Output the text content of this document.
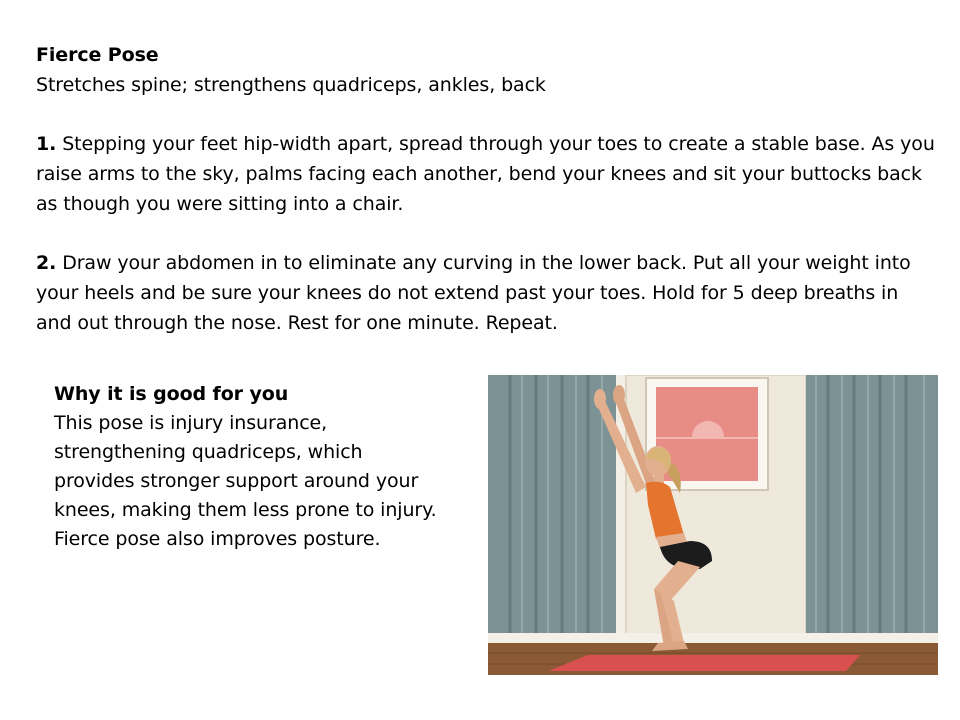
Fierce Pose

Stretches spine; strengthens quadriceps, ankles, back

1. Stepping your feet hip-width apart, spread through your toes to create a stable base. As you raise arms to the sky, palms facing each another, bend your knees and sit your buttocks back as though you were sitting into a chair.

2. Draw your abdomen in to eliminate any curving in the lower back. Put all your weight into your heels and be sure your knees do not extend past your toes. Hold for 5 deep breaths in and out through the nose. Rest for one minute. Repeat.

Why it is good for you

This pose is injury insurance,

strengthening quadriceps, which

provides stronger support around your

knees, making them less prone to injury.

Fierce pose also improves posture.
